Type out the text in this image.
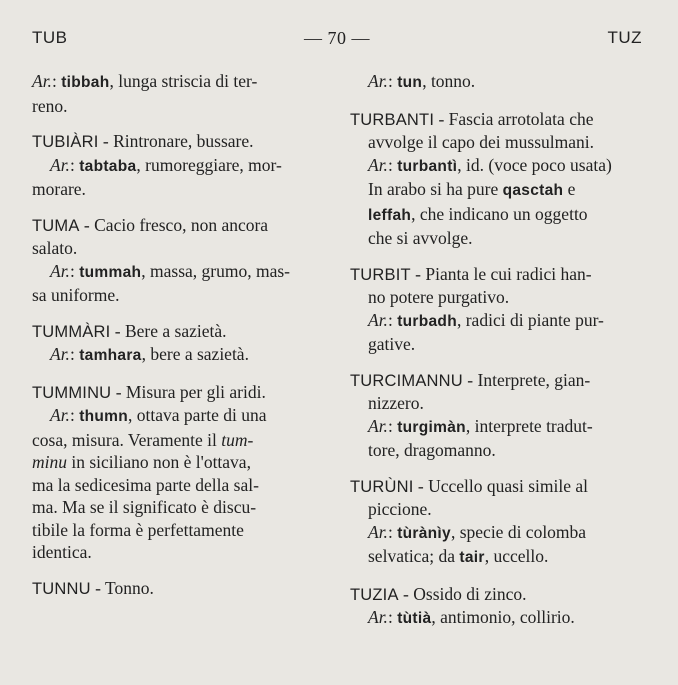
TUB	— 70 —	TUZ
Ar.: tibbah, lunga striscia di ter-
reno.
TUBIÀRI - Rintronare, bussare.
Ar.: tabtaba, rumoreggiare, mor-
morare.
TUMA - Cacio fresco, non ancora
salato.
Ar.: tummah, massa, grumo, mas-
sa uniforme.
TUMMÀRI - Bere a sazietà.
Ar.: tamhara, bere a sazietà.
TUMMINU - Misura per gli aridi.
Ar.: thumn, ottava parte di una
cosa, misura. Veramente il tum-
minu in siciliano non è l'ottava,
ma la sedicesima parte della sal-
ma. Ma se il significato è discu-
tibile la forma è perfettamente
identica.
TUNNU - Tonno.
Ar.: tun, tonno.
TURBANTI - Fascia arrotolata che
avvolge il capo dei mussulmani.
Ar.: turbantì, id. (voce poco usata)
In arabo si ha pure qasctah e
leffah, che indicano un oggetto
che si avvolge.
TURBIT - Pianta le cui radici han-
no potere purgativo.
Ar.: turbadh, radici di piante pur-
gative.
TURCIMANNU - Interprete, gian-
nizzero.
Ar.: turgimàn, interprete tradut-
tore, dragomanno.
TURÙNI - Uccello quasi simile al
piccione.
Ar.: tùrànìy, specie di colomba
selvatica; da tair, uccello.
TUZIA - Ossido di zinco.
Ar.: tùtià, antimonio, collirio.
